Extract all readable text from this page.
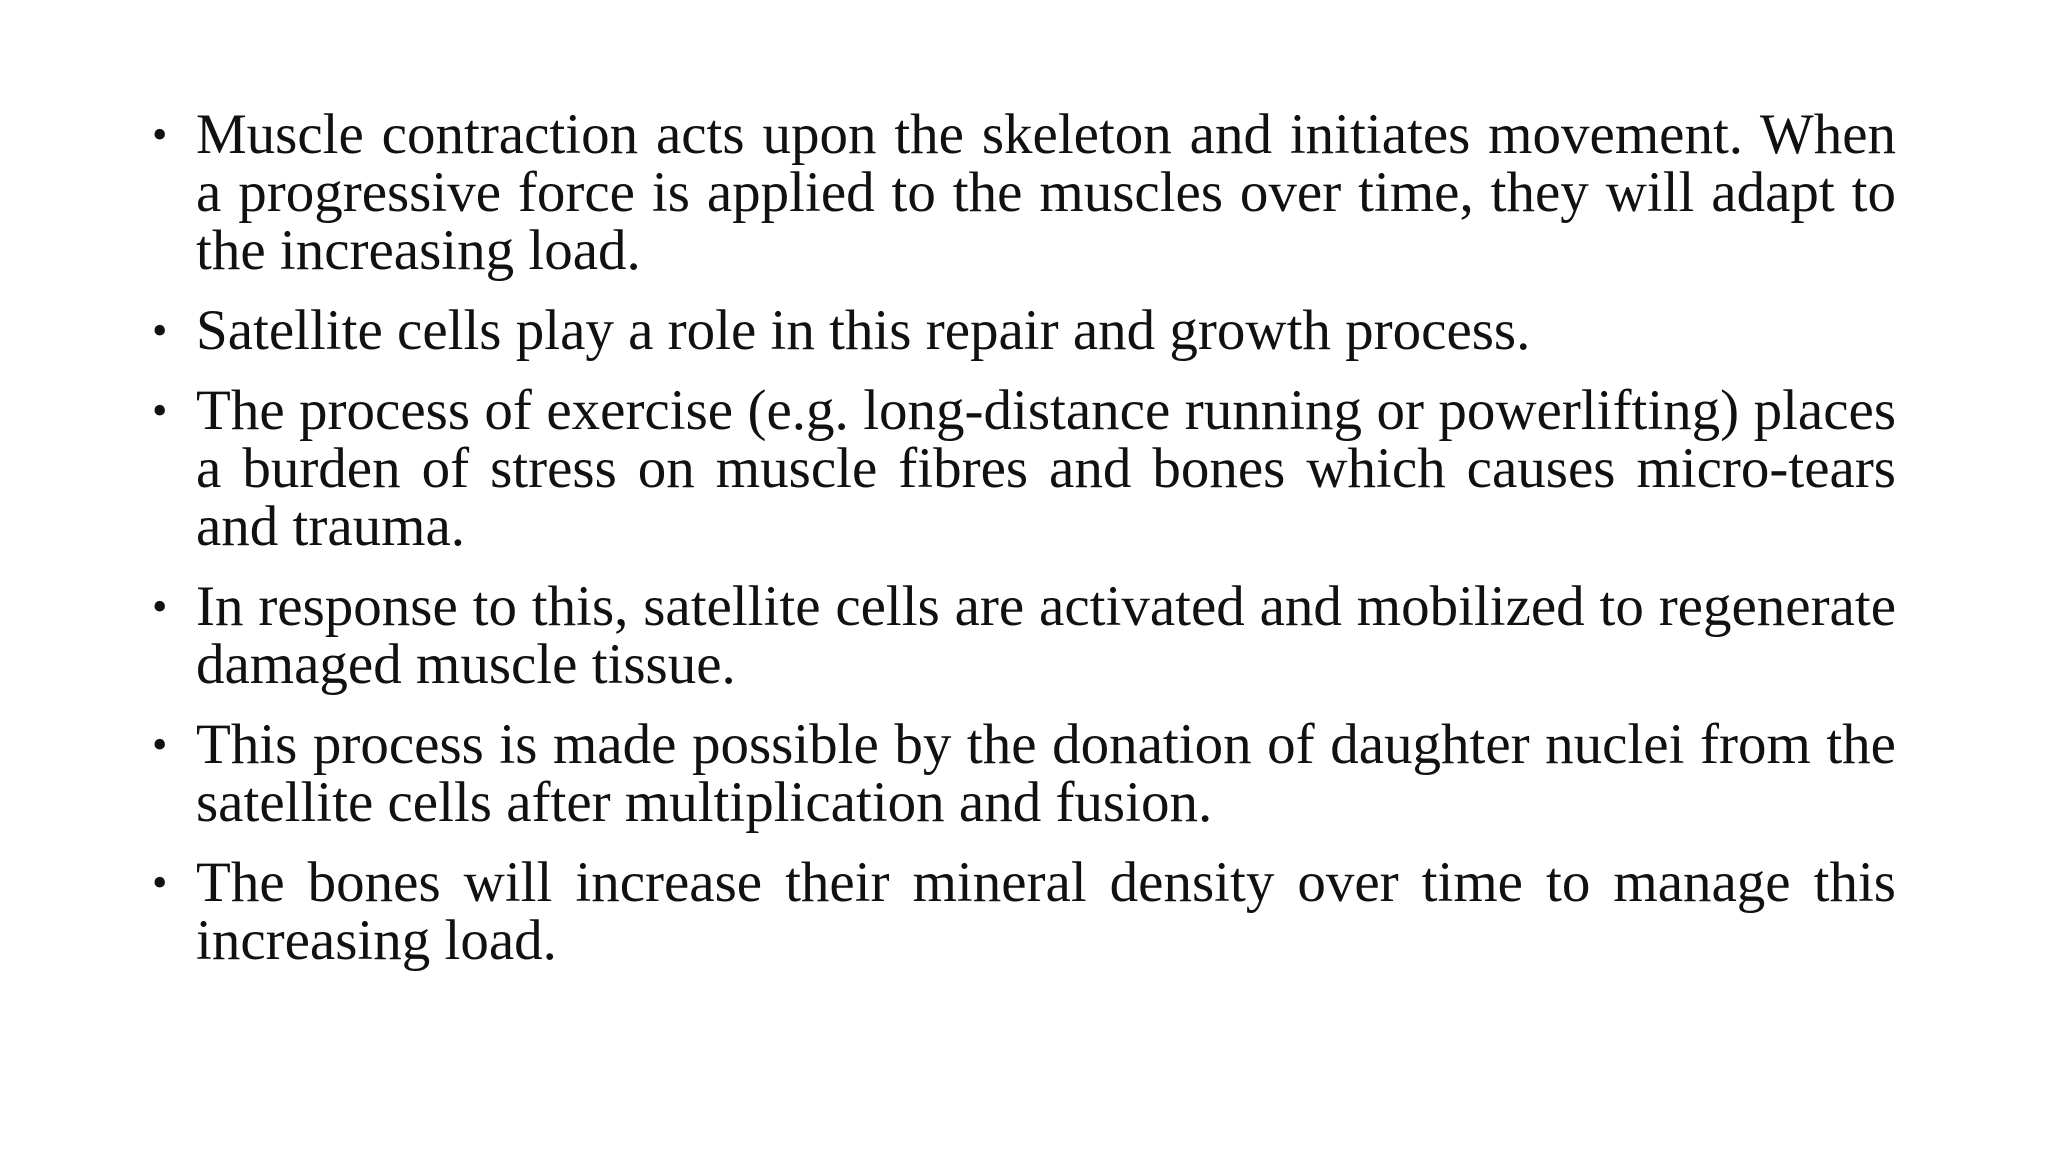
• Muscle contraction acts upon the skeleton and initiates movement. When a progressive force is applied to the muscles over time, they will adapt to the increasing load.
• Satellite cells play a role in this repair and growth process.
• The process of exercise (e.g. long-distance running or powerlifting) places a burden of stress on muscle fibres and bones which causes micro-tears and trauma.
• In response to this, satellite cells are activated and mobilized to regenerate damaged muscle tissue.
• This process is made possible by the donation of daughter nuclei from the satellite cells after multiplication and fusion.
• The bones will increase their mineral density over time to manage this increasing load.
